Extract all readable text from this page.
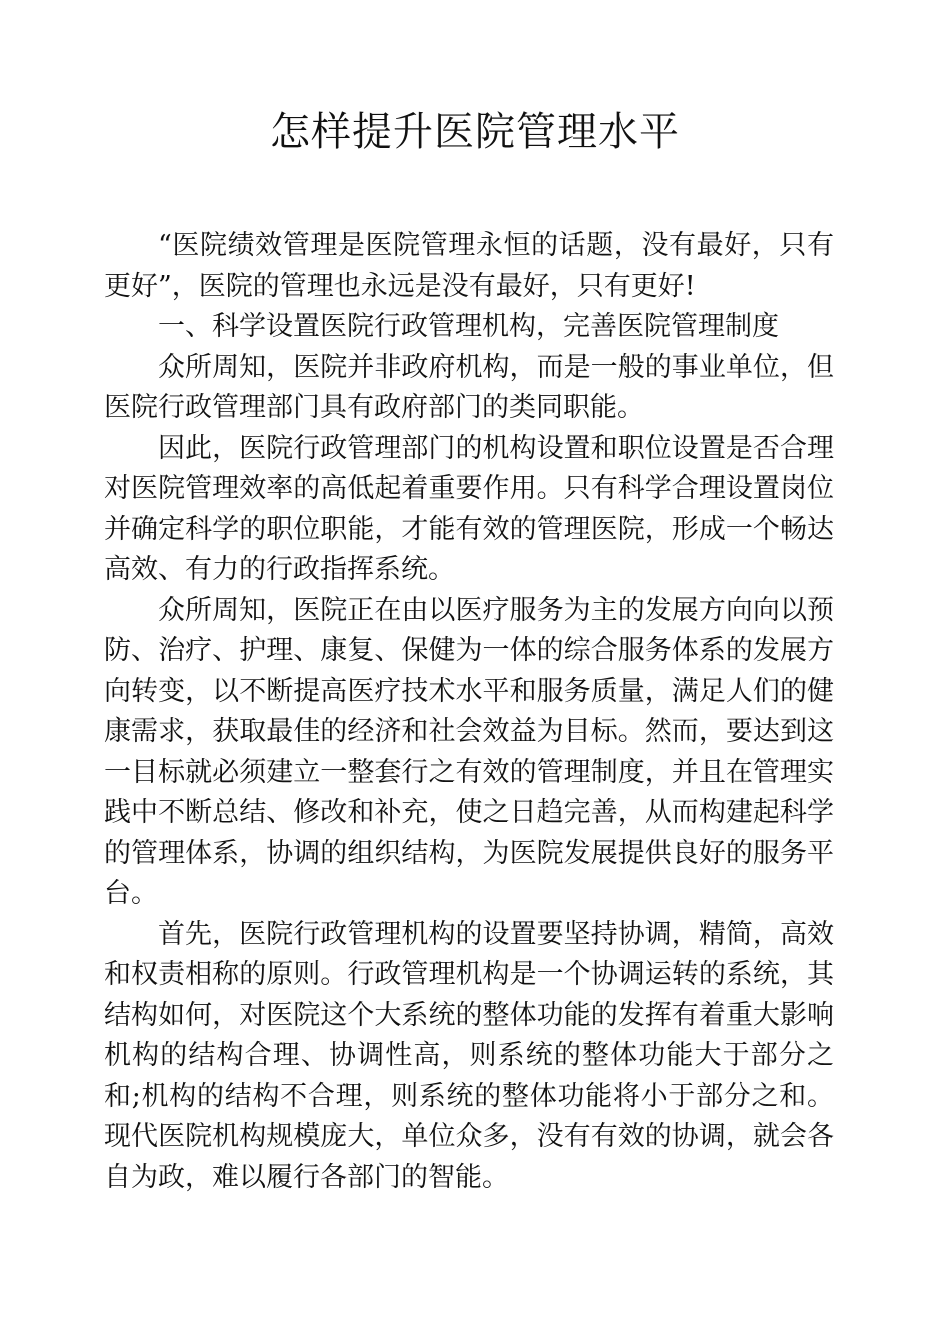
怎样提升医院管理水平

“医院绩效管理是医院管理永恒的话题，没有最好，只有更好”，医院的管理也永远是没有最好，只有更好!

一、科学设置医院行政管理机构，完善医院管理制度

众所周知，医院并非政府机构，而是一般的事业单位，但医院行政管理部门具有政府部门的类同职能。

因此，医院行政管理部门的机构设置和职位设置是否合理对医院管理效率的高低起着重要作用。只有科学合理设置岗位并确定科学的职位职能，才能有效的管理医院，形成一个畅达高效、有力的行政指挥系统。

众所周知，医院正在由以医疗服务为主的发展方向向以预防、治疗、护理、康复、保健为一体的综合服务体系的发展方向转变，以不断提高医疗技术水平和服务质量，满足人们的健康需求，获取最佳的经济和社会效益为目标。然而，要达到这一目标就必须建立一整套行之有效的管理制度，并且在管理实践中不断总结、修改和补充，使之日趋完善，从而构建起科学的管理体系，协调的组织结构，为医院发展提供良好的服务平台。

首先，医院行政管理机构的设置要坚持协调，精简，高效和权责相称的原则。行政管理机构是一个协调运转的系统，其结构如何，对医院这个大系统的整体功能的发挥有着重大影响机构的结构合理、协调性高，则系统的整体功能大于部分之和;机构的结构不合理，则系统的整体功能将小于部分之和。现代医院机构规模庞大，单位众多，没有有效的协调，就会各自为政，难以履行各部门的智能。
